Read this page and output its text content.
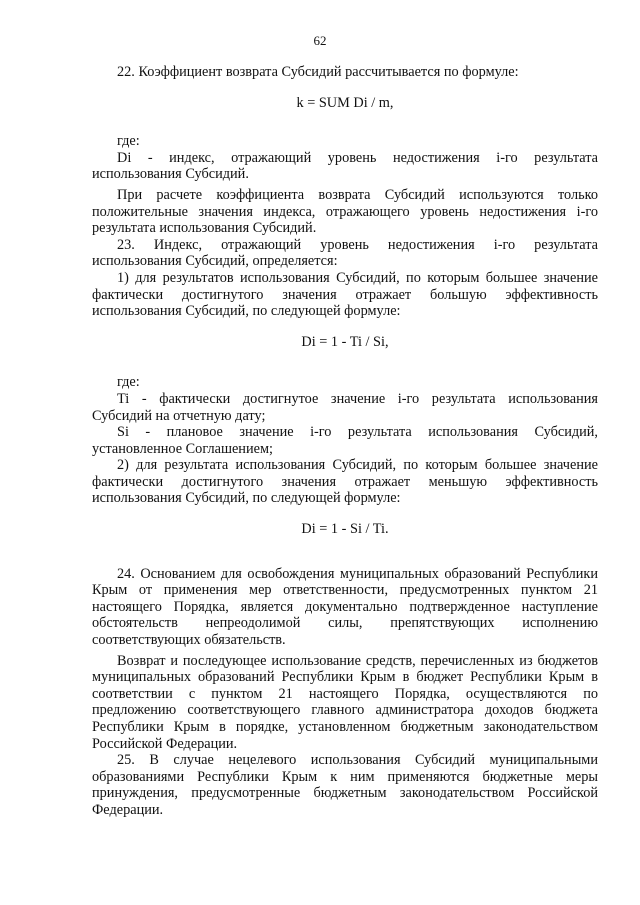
62

22. Коэффициент возврата Субсидий рассчитывается по формуле:

k = SUM Di / m,

где:

Di - индекс, отражающий уровень недостижения i-го результата использования Субсидий.

При расчете коэффициента возврата Субсидий используются только положительные значения индекса, отражающего уровень недостижения i-го результата использования Субсидий.

23. Индекс, отражающий уровень недостижения i-го результата использования Субсидий, определяется:

1) для результатов использования Субсидий, по которым большее значение фактически достигнутого значения отражает большую эффективность использования Субсидий, по следующей формуле:

Di = 1 - Ti / Si,

где:

Ti - фактически достигнутое значение i-го результата использования Субсидий на отчетную дату;

Si - плановое значение i-го результата использования Субсидий, установленное Соглашением;

2) для результата использования Субсидий, по которым большее значение фактически достигнутого значения отражает меньшую эффективность использования Субсидий, по следующей формуле:

Di = 1 - Si / Ti.

24. Основанием для освобождения муниципальных образований Республики Крым от применения мер ответственности, предусмотренных пунктом 21 настоящего Порядка, является документально подтвержденное наступление обстоятельств непреодолимой силы, препятствующих исполнению соответствующих обязательств.

Возврат и последующее использование средств, перечисленных из бюджетов муниципальных образований Республики Крым в бюджет Республики Крым в соответствии с пунктом 21 настоящего Порядка, осуществляются по предложению соответствующего главного администратора доходов бюджета Республики Крым в порядке, установленном бюджетным законодательством Российской Федерации.

25. В случае нецелевого использования Субсидий муниципальными образованиями Республики Крым к ним применяются бюджетные меры принуждения, предусмотренные бюджетным законодательством Российской Федерации.
